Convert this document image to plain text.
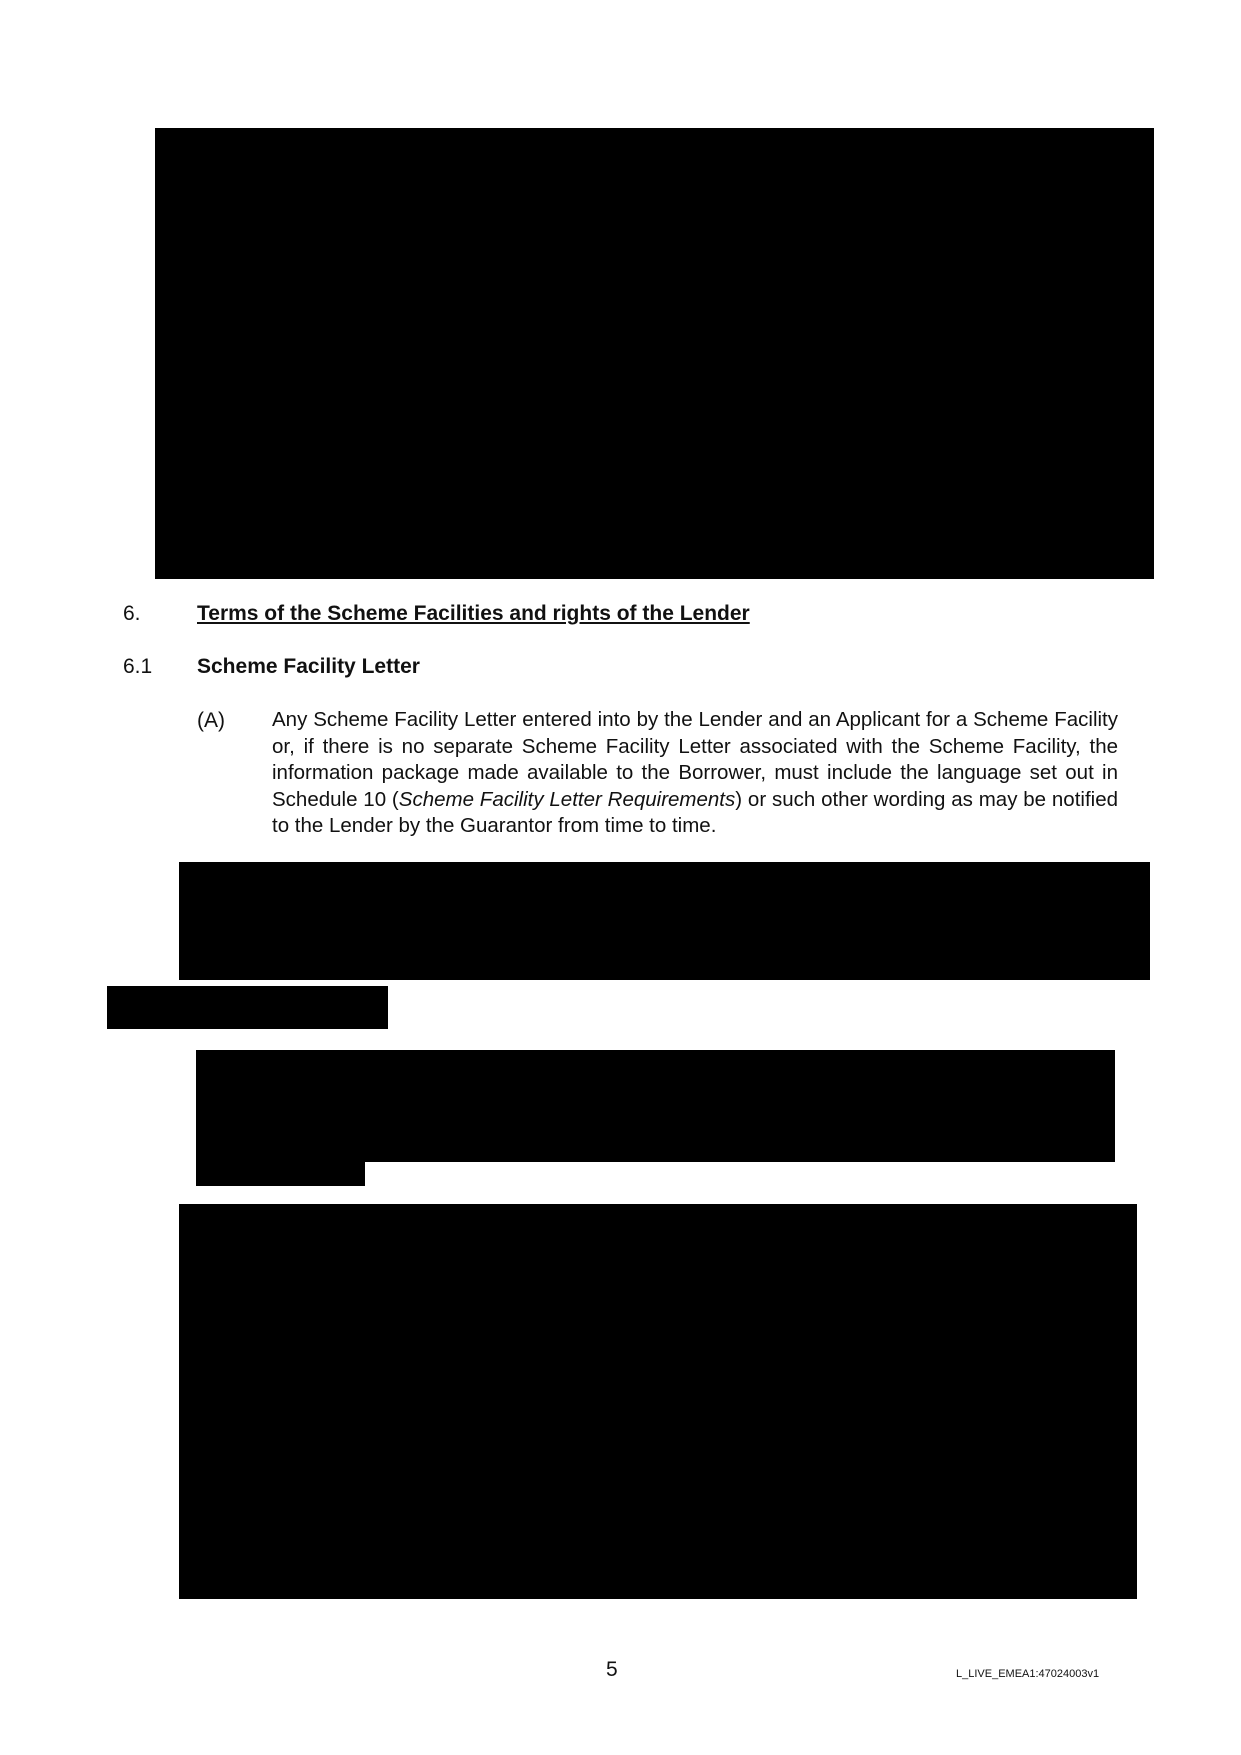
6.	Terms of the Scheme Facilities and rights of the Lender
6.1 Scheme Facility Letter
(A) Any Scheme Facility Letter entered into by the Lender and an Applicant for a Scheme Facility or, if there is no separate Scheme Facility Letter associated with the Scheme Facility, the information package made available to the Borrower, must include the language set out in Schedule 10 (Scheme Facility Letter Requirements) or such other wording as may be notified to the Lender by the Guarantor from time to time.
5	L_LIVE_EMEA1:47024003v1
